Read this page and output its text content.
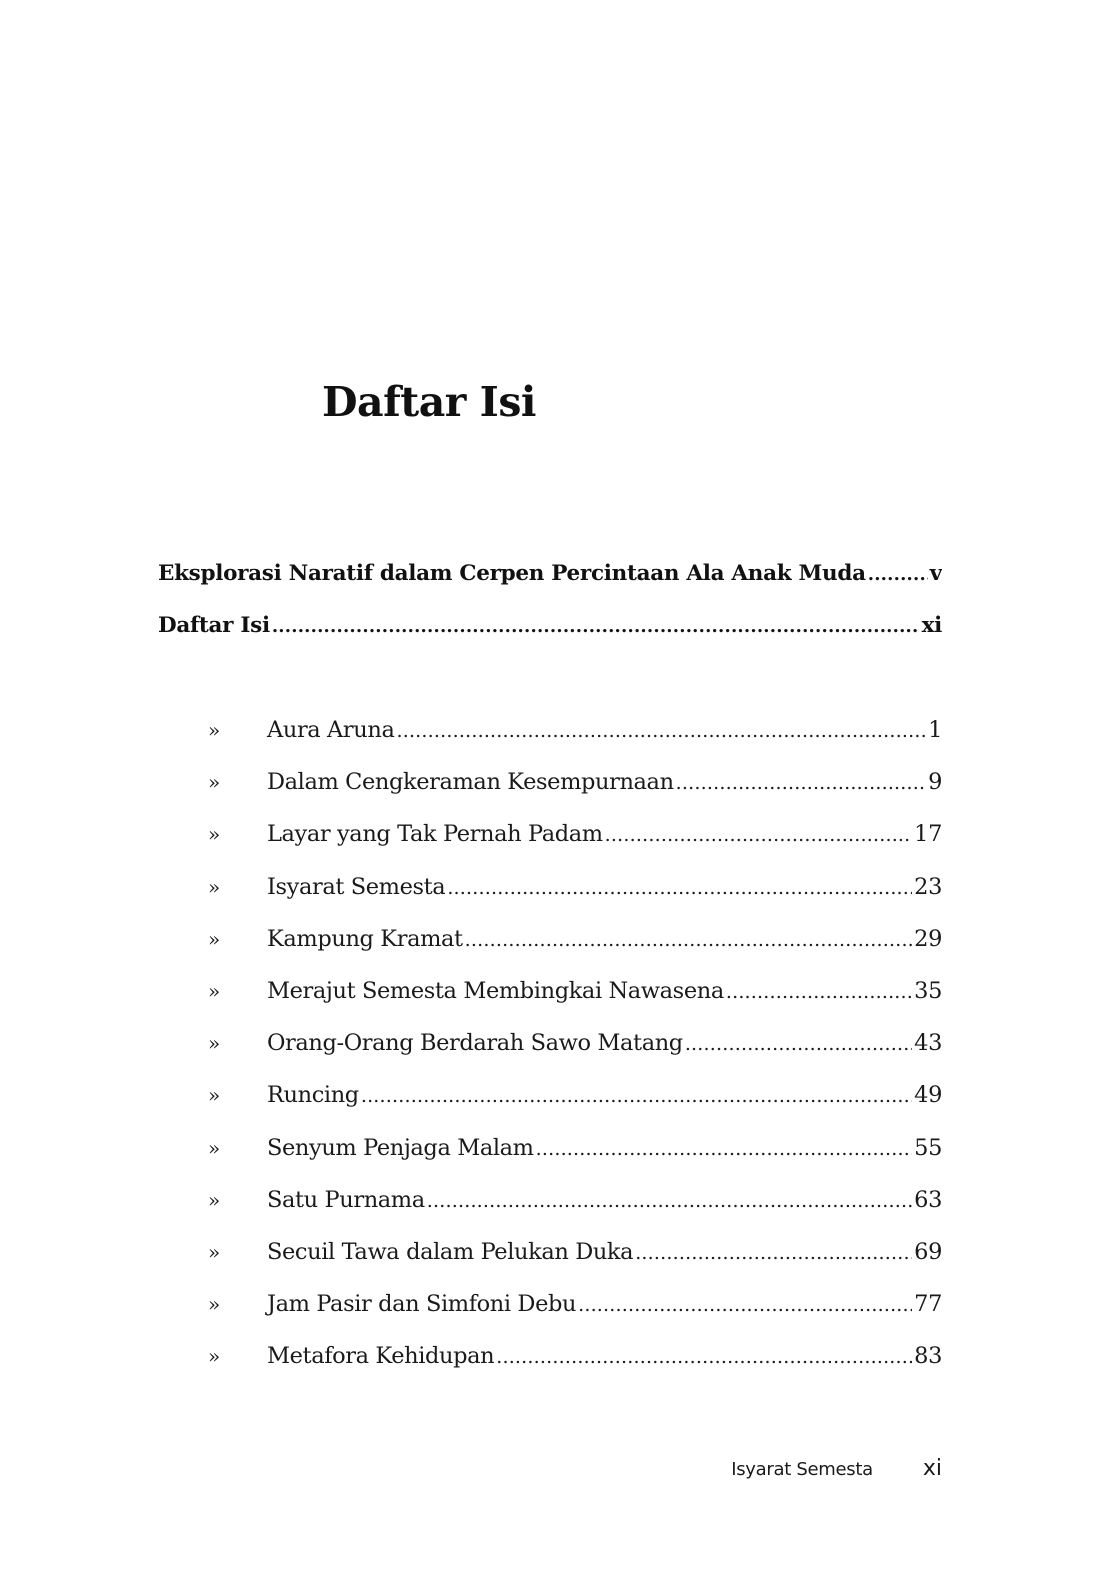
Daftar Isi
Eksplorasi Naratif dalam Cerpen Percintaan Ala Anak Muda .....	v
Daftar Isi .....	xi
»	Aura Aruna .....	1
»	Dalam Cengkeraman Kesempurnaan .....	9
»	Layar yang Tak Pernah Padam .....	17
»	Isyarat Semesta .....	23
»	Kampung Kramat .....	29
»	Merajut Semesta Membingkai Nawasena .....	35
»	Orang-Orang Berdarah Sawo Matang .....	43
»	Runcing .....	49
»	Senyum Penjaga Malam .....	55
»	Satu Purnama .....	63
»	Secuil Tawa dalam Pelukan Duka .....	69
»	Jam Pasir dan Simfoni Debu .....	77
»	Metafora Kehidupan .....	83
Isyarat Semesta xi
